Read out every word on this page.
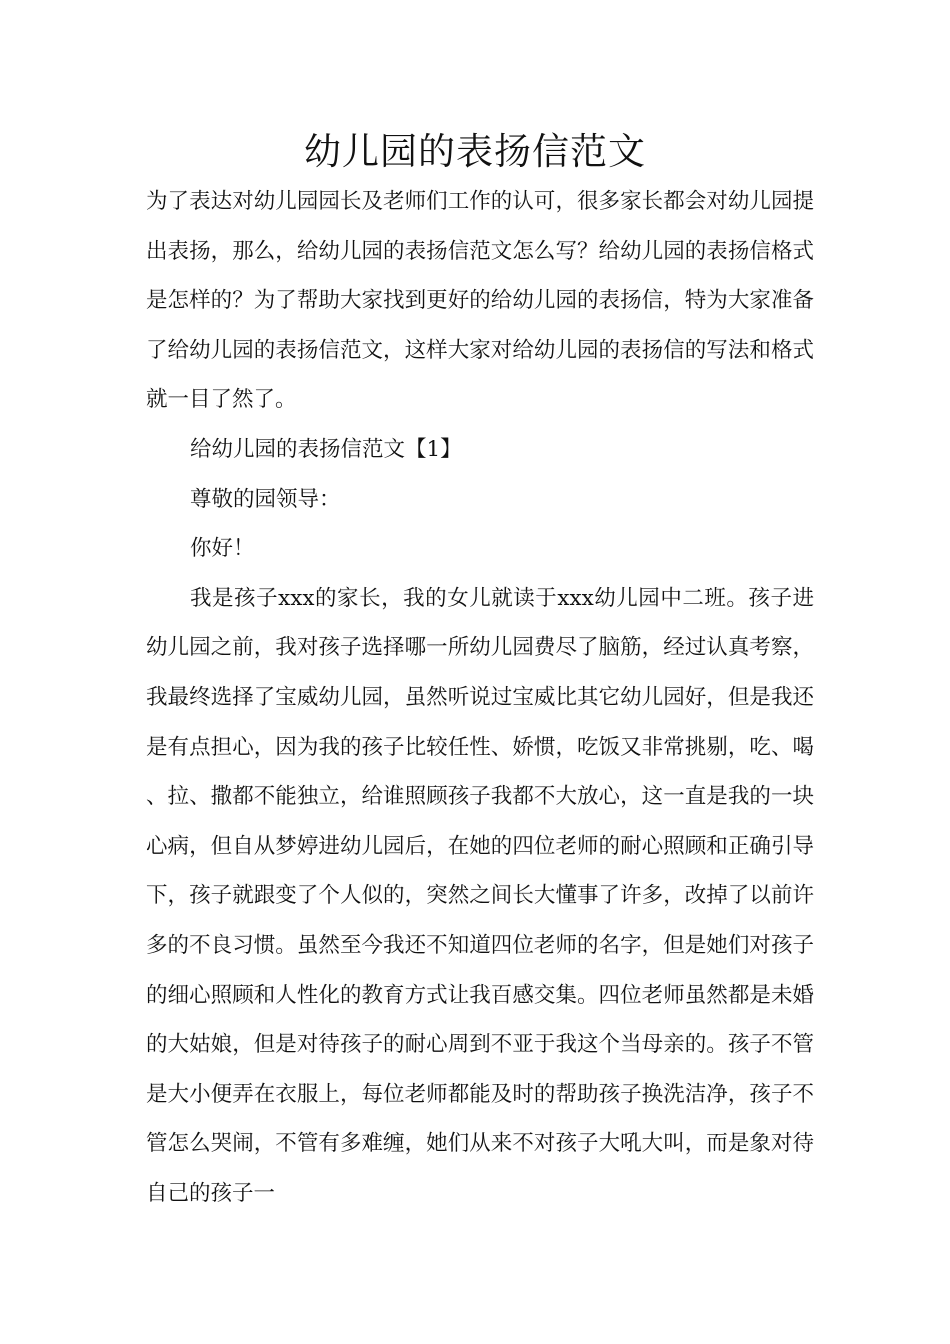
幼儿园的表扬信范文

为了表达对幼儿园园长及老师们工作的认可，很多家长都会对幼儿园提出表扬，那么，给幼儿园的表扬信范文怎么写？给幼儿园的表扬信格式是怎样的？为了帮助大家找到更好的给幼儿园的表扬信，特为大家准备了给幼儿园的表扬信范文，这样大家对给幼儿园的表扬信的写法和格式就一目了然了。

给幼儿园的表扬信范文【1】

尊敬的园领导：

你好！

我是孩子xxx的家长，我的女儿就读于xxx幼儿园中二班。孩子进幼儿园之前，我对孩子选择哪一所幼儿园费尽了脑筋，经过认真考察，我最终选择了宝威幼儿园，虽然听说过宝威比其它幼儿园好，但是我还是有点担心，因为我的孩子比较任性、娇惯，吃饭又非常挑剔，吃、喝、拉、撒都不能独立，给谁照顾孩子我都不大放心，这一直是我的一块心病，但自从梦婷进幼儿园后，在她的四位老师的耐心照顾和正确引导下，孩子就跟变了个人似的，突然之间长大懂事了许多，改掉了以前许多的不良习惯。虽然至今我还不知道四位老师的名字，但是她们对孩子的细心照顾和人性化的教育方式让我百感交集。四位老师虽然都是未婚的大姑娘，但是对待孩子的耐心周到不亚于我这个当母亲的。孩子不管是大小便弄在衣服上，每位老师都能及时的帮助孩子换洗洁净，孩子不管怎么哭闹，不管有多难缠，她们从来不对孩子大吼大叫，而是象对待自己的孩子一
